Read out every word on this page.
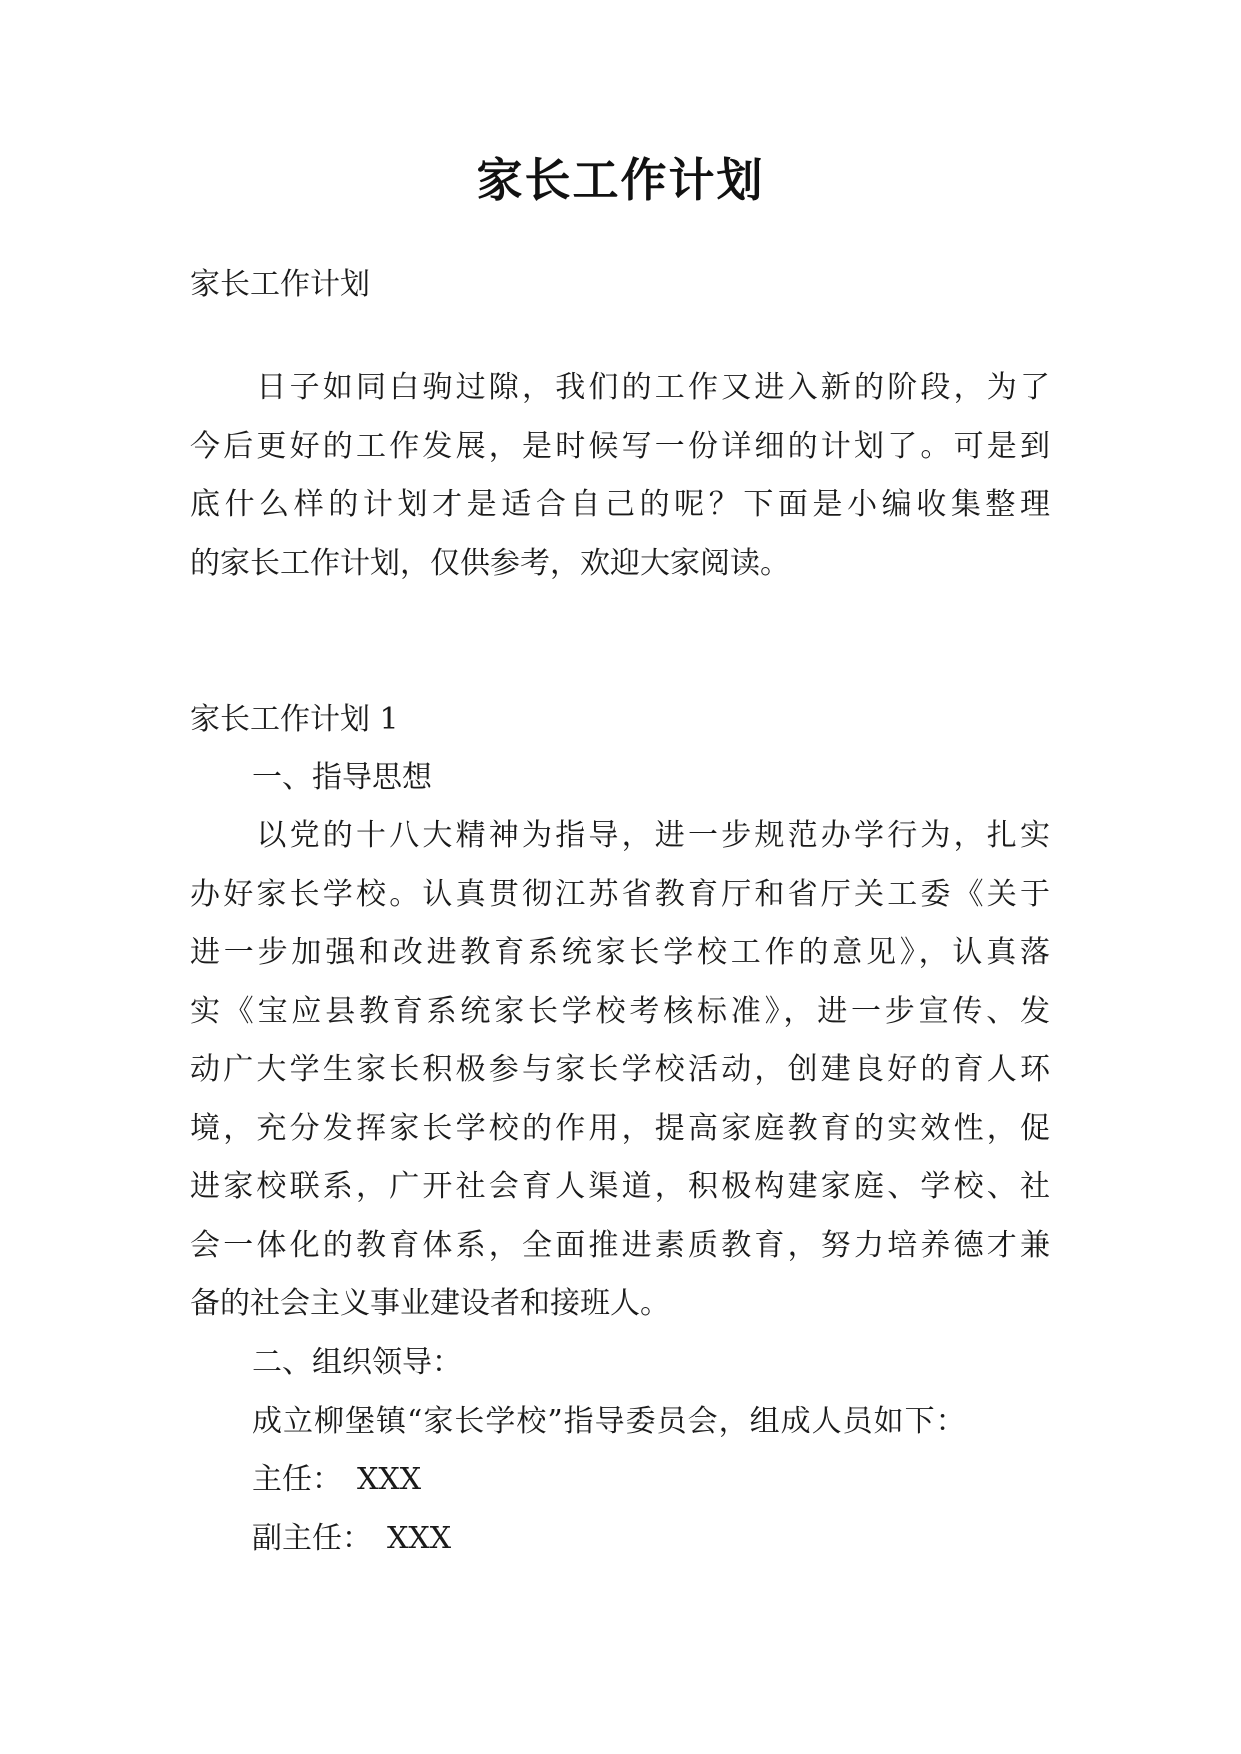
家长工作计划
家长工作计划
　　日子如同白驹过隙，我们的工作又进入新的阶段，为了
今后更好的工作发展，是时候写一份详细的计划了。可是到
底什么样的计划才是适合自己的呢？下面是小编收集整理
的家长工作计划，仅供参考，欢迎大家阅读。
家长工作计划 1
一、指导思想
　　以党的十八大精神为指导，进一步规范办学行为，扎实
办好家长学校。认真贯彻江苏省教育厅和省厅关工委《关于
进一步加强和改进教育系统家长学校工作的意见》，认真落
实《宝应县教育系统家长学校考核标准》，进一步宣传、发
动广大学生家长积极参与家长学校活动，创建良好的育人环
境，充分发挥家长学校的作用，提高家庭教育的实效性，促
进家校联系，广开社会育人渠道，积极构建家庭、学校、社
会一体化的教育体系，全面推进素质教育，努力培养德才兼
备的社会主义事业建设者和接班人。
二、组织领导：
成立柳堡镇“家长学校”指导委员会，组成人员如下：
主任：　XXX
副主任：　XXX
